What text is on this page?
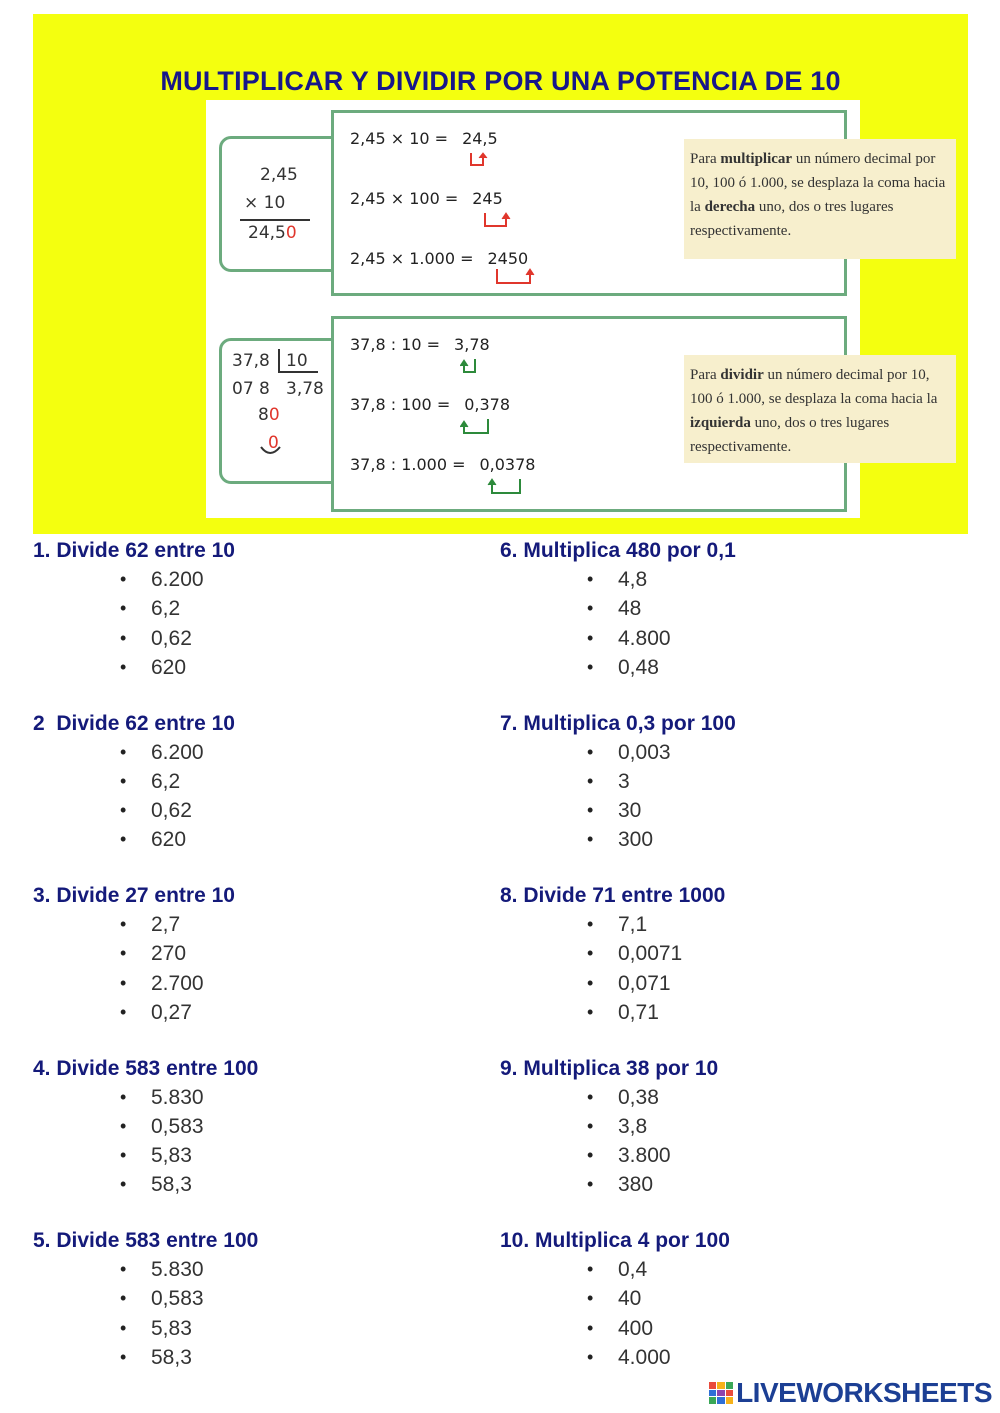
MULTIPLICAR Y DIVIDIR POR UNA POTENCIA DE 10
2,45
× 10
24,50
2,45 × 10 = 24,5
2,45 × 100 = 245
2,45 × 1.000 = 2450
Para multiplicar un número decimal por 10, 100 ó 1.000, se desplaza la coma hacia la derecha uno, dos o tres lugares respectivamente.
37,8 10
07 8 3,78
80
0
37,8 : 10 = 3,78
37,8 : 100 = 0,378
37,8 : 1.000 = 0,0378
Para dividir un número decimal por 10, 100 ó 1.000, se desplaza la coma hacia la izquierda uno, dos o tres lugares respectivamente.
1. Divide 62 entre 10
• 6.200
• 6,2
• 0,62
• 620
2  Divide 62 entre 10
• 6.200
• 6,2
• 0,62
• 620
3. Divide 27 entre 10
• 2,7
• 270
• 2.700
• 0,27
4. Divide 583 entre 100
• 5.830
• 0,583
• 5,83
• 58,3
5. Divide 583 entre 100
• 5.830
• 0,583
• 5,83
• 58,3
6. Multiplica 480 por 0,1
• 4,8
• 48
• 4.800
• 0,48
7. Multiplica 0,3 por 100
• 0,003
• 3
• 30
• 300
8. Divide 71 entre 1000
• 7,1
• 0,0071
• 0,071
• 0,71
9. Multiplica 38 por 10
• 0,38
• 3,8
• 3.800
• 380
10. Multiplica 4 por 100
• 0,4
• 40
• 400
• 4.000
LIVEWORKSHEETS
